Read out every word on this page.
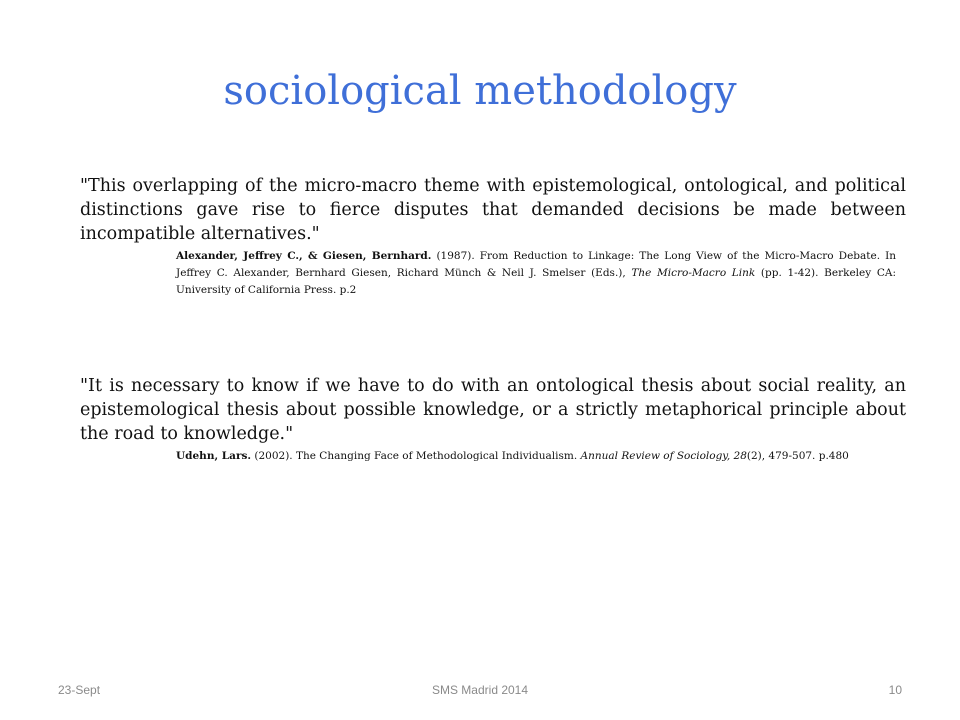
sociological methodology
"This overlapping of the micro-macro theme with epistemological, ontological, and political distinctions gave rise to fierce disputes that demanded decisions be made between incompatible alternatives."
Alexander, Jeffrey C., & Giesen, Bernhard. (1987). From Reduction to Linkage: The Long View of the Micro-Macro Debate. In Jeffrey C. Alexander, Bernhard Giesen, Richard Münch & Neil J. Smelser (Eds.), The Micro-Macro Link (pp. 1-42). Berkeley CA: University of California Press. p.2
"It is necessary to know if we have to do with an ontological thesis about social reality, an epistemological thesis about possible knowledge, or a strictly metaphorical principle about the road to knowledge."
Udehn, Lars. (2002). The Changing Face of Methodological Individualism. Annual Review of Sociology, 28(2), 479-507. p.480
23-Sept	SMS Madrid 2014	10
